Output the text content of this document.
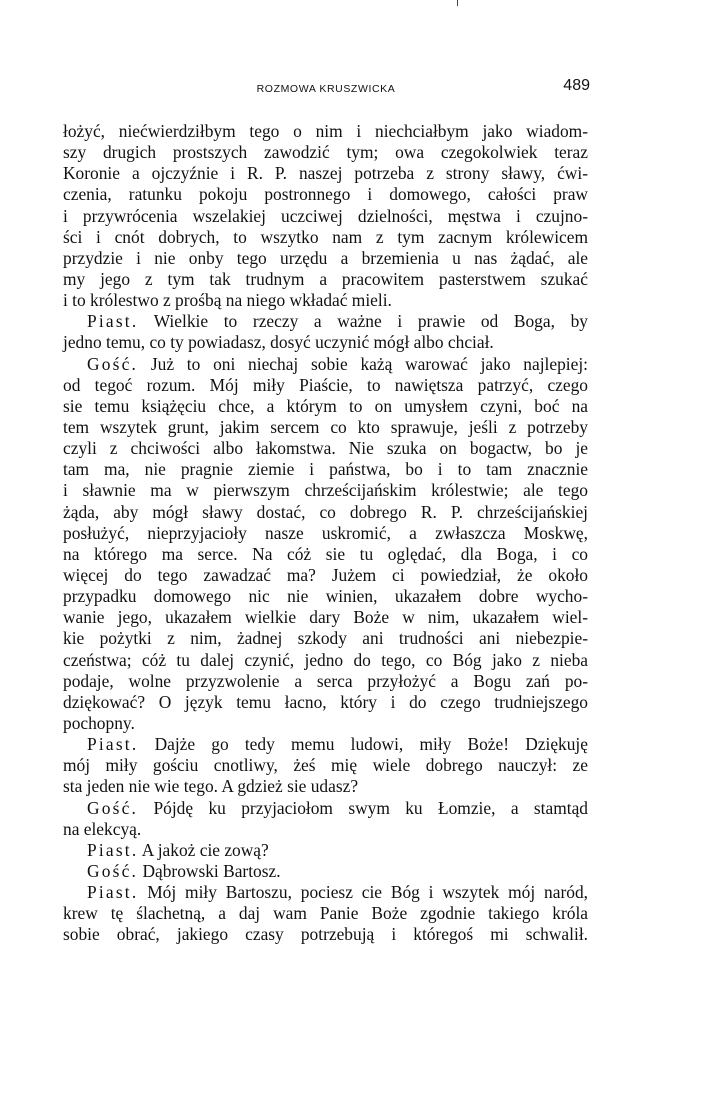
ROZMOWA KRUSZWICKA	489
łożyć, niećwierdziłbym tego o nim i niechciałbym jako wiadom-
szy drugich prostszych zawodzić tym; owa czegokolwiek teraz
Koronie a ojczyźnie i R. P. naszej potrzeba z strony sławy, ćwi-
czenia, ratunku pokoju postronnego i domowego, całości praw
i przywrócenia wszelakiej uczciwej dzielności, męstwa i czujno-
ści i cnót dobrych, to wszytko nam z tym zacnym królewicem
przydzie i nie onby tego urzędu a brzemienia u nas żądać, ale
my jego z tym tak trudnym a pracowitem pasterstwem szukać
i to królestwo z prośbą na niego wkładać mieli.
Piast. Wielkie to rzeczy a ważne i prawie od Boga, by
jedno temu, co ty powiadasz, dosyć uczynić mógł albo chciał.
Gość. Już to oni niechaj sobie każą warować jako najlepiej:
od tegoć rozum. Mój miły Piaście, to nawiętsza patrzyć, czego
sie temu książęciu chce, a którym to on umysłem czyni, boć na
tem wszytek grunt, jakim sercem co kto sprawuje, jeśli z potrzeby
czyli z chciwości albo łakomstwa. Nie szuka on bogactw, bo je
tam ma, nie pragnie ziemie i państwa, bo i to tam znacznie
i sławnie ma w pierwszym chrześcijańskim królestwie; ale tego
żąda, aby mógł sławy dostać, co dobrego R. P. chrześcijańskiej
posłużyć, nieprzyjacioły nasze uskromić, a zwłaszcza Moskwę,
na którego ma serce. Na cóż sie tu oględać, dla Boga, i co
więcej do tego zawadzać ma? Jużem ci powiedział, że około
przypadku domowego nic nie winien, ukazałem dobre wycho-
wanie jego, ukazałem wielkie dary Boże w nim, ukazałem wiel-
kie pożytki z nim, żadnej szkody ani trudności ani niebezpie-
czeństwa; cóż tu dalej czynić, jedno do tego, co Bóg jako z nieba
podaje, wolne przyzwolenie a serca przyłożyć a Bogu zań po-
dziękować? O język temu łacno, który i do czego trudniejszego
pochopny.
Piast. Dajże go tedy memu ludowi, miły Boże! Dziękuję
mój miły gościu cnotliwy, żeś mię wiele dobrego nauczył: ze
sta jeden nie wie tego. A gdzież sie udasz?
Gość. Pójdę ku przyjaciołom swym ku Łomzie, a stamtąd
na elekcyą.
Piast. A jakoż cie zową?
Gość. Dąbrowski Bartosz.
Piast. Mój miły Bartoszu, pociesz cie Bóg i wszytek mój naród,
krew tę ślachetną, a daj wam Panie Boże zgodnie takiego króla
sobie obrać, jakiego czasy potrzebują i któregoś mi schwalił.
